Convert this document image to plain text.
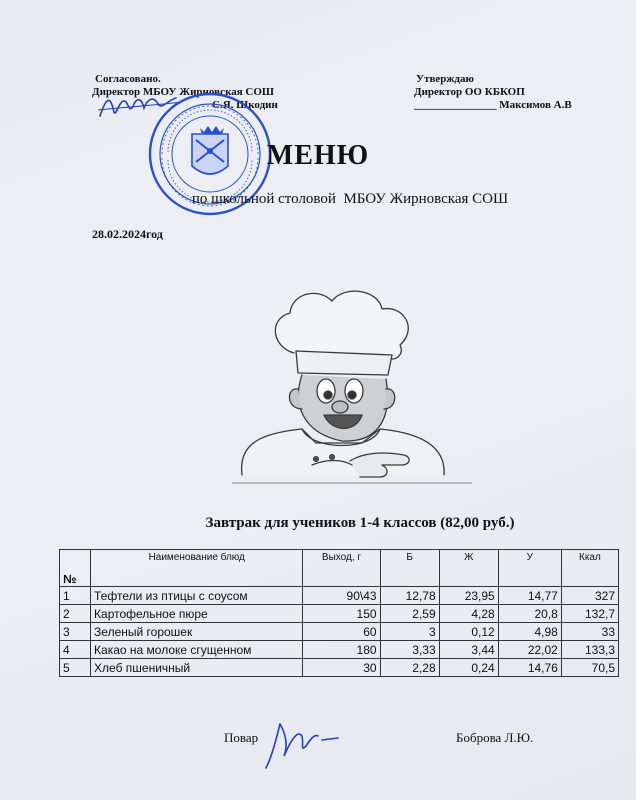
Согласовано.
Директор МБОУ Жирновская СОШ
С.Я. Шкодин
Утверждаю
Директор ОО КБКОП
_______________ Максимов А.В
МЕНЮ
по школьной столовой МБОУ Жирновская СОШ
28.02.2024год
Завтрак для учеников 1-4 классов (82,00 руб.)
№	Наименование блюд	Выход, г	Б	Ж	У	Ккал
1	Тефтели из птицы с соусом	90\43	12,78	23,95	14,77	327
2	Картофельное пюре	150	2,59	4,28	20,8	132,7
3	Зеленый горошек	60	3	0,12	4,98	33
4	Какао на молоке сгущенном	180	3,33	3,44	22,02	133,3
5	Хлеб пшеничный	30	2,28	0,24	14,76	70,5
Повар	Боброва Л.Ю.
